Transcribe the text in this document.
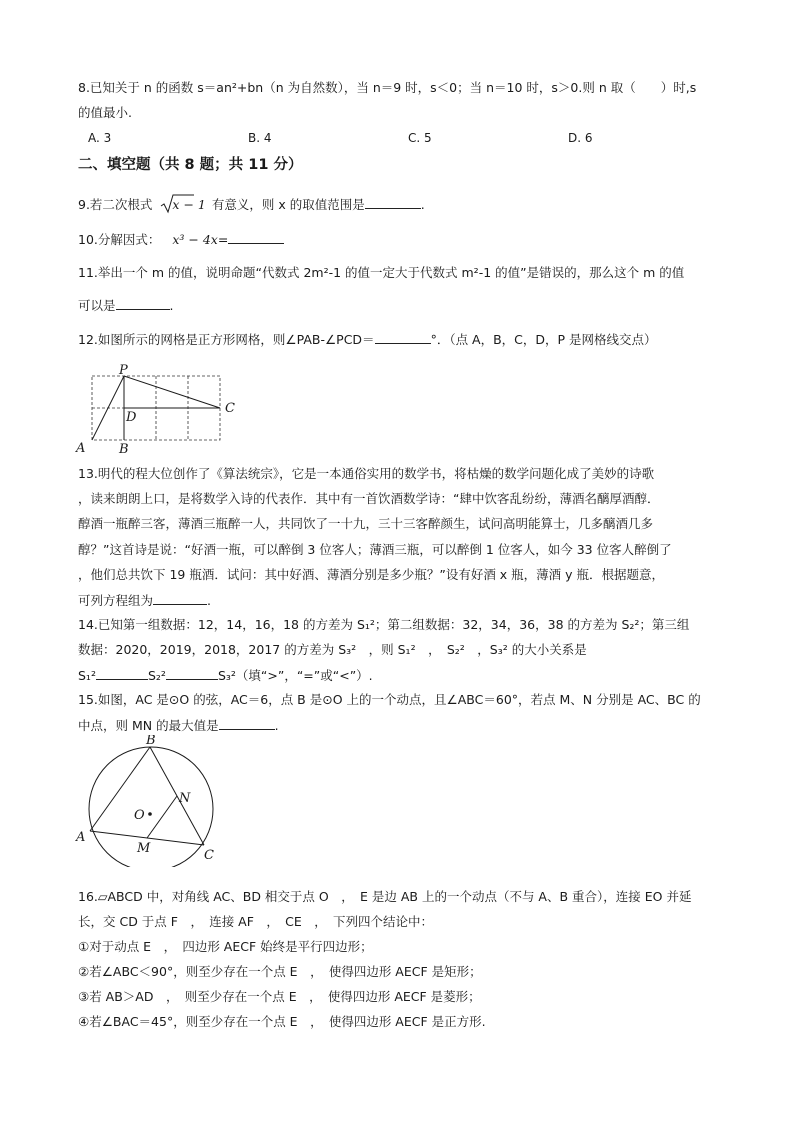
8.已知关于 n 的函数 s＝an²+bn（n 为自然数），当 n＝9 时，s＜0；当 n＝10 时，s＞0.则 n 取（　　）时,s
的值最小.
A. 3	B. 4	C. 5	D. 6
二、填空题（共 8 题；共 11 分）
9.若二次根式 x − 1 有意义，则 x 的取值范围是	.
10.分解因式： x³ − 4x=
11.举出一个 m 的值，说明命题“代数式 2m²-1 的值一定大于代数式 m²-1 的值”是错误的，那么这个 m 的值
可以是	.
12.如图所示的网格是正方形网格，则∠PAB-∠PCD＝	°．（点 A，B，C，D，P 是网格线交点）
P
D
C
A	B
13.明代的程大位创作了《算法统宗》，它是一本通俗实用的数学书，将枯燥的数学问题化成了美妙的诗歌
，读来朗朗上口，是将数学入诗的代表作．其中有一首饮酒数学诗：“肆中饮客乱纷纷，薄酒名醨厚酒醇．
醇酒一瓶醉三客，薄酒三瓶醉一人，共同饮了一十九，三十三客醉颜生，试问高明能算士，几多醨酒几多
醇？”这首诗是说：“好酒一瓶，可以醉倒 3 位客人；薄酒三瓶，可以醉倒 1 位客人，如今 33 位客人醉倒了
，他们总共饮下 19 瓶酒．试问：其中好酒、薄酒分别是多少瓶？”设有好酒 x 瓶，薄酒 y 瓶．根据题意，
可列方程组为	.
14.已知第一组数据：12，14，16，18 的方差为 S₁²；第二组数据：32，34，36，38 的方差为 S₂²；第三组
数据：2020，2019，2018，2017 的方差为 S₃²　，则 S₁²　，　S₂²　，S₃² 的大小关系是
S₁²	S₂²	S₃²（填“>”，“=”或“<”）.
15.如图，AC 是⊙O 的弦，AC＝6，点 B 是⊙O 上的一个动点，且∠ABC＝60°，若点 M、N 分别是 AC、BC 的
中点，则 MN 的最大值是	.
B
N
O
A
M	C
16.▱ABCD 中，对角线 AC、BD 相交于点 O　，　E 是边 AB 上的一个动点（不与 A、B 重合），连接 EO 并延
长，交 CD 于点 F　，　连接 AF　，　CE　，　下列四个结论中：
①对于动点 E　，　四边形 AECF 始终是平行四边形；
②若∠ABC＜90°，则至少存在一个点 E　，　使得四边形 AECF 是矩形；
③若 AB＞AD　，　则至少存在一个点 E　，　使得四边形 AECF 是菱形；
④若∠BAC＝45°，则至少存在一个点 E　，　使得四边形 AECF 是正方形.
